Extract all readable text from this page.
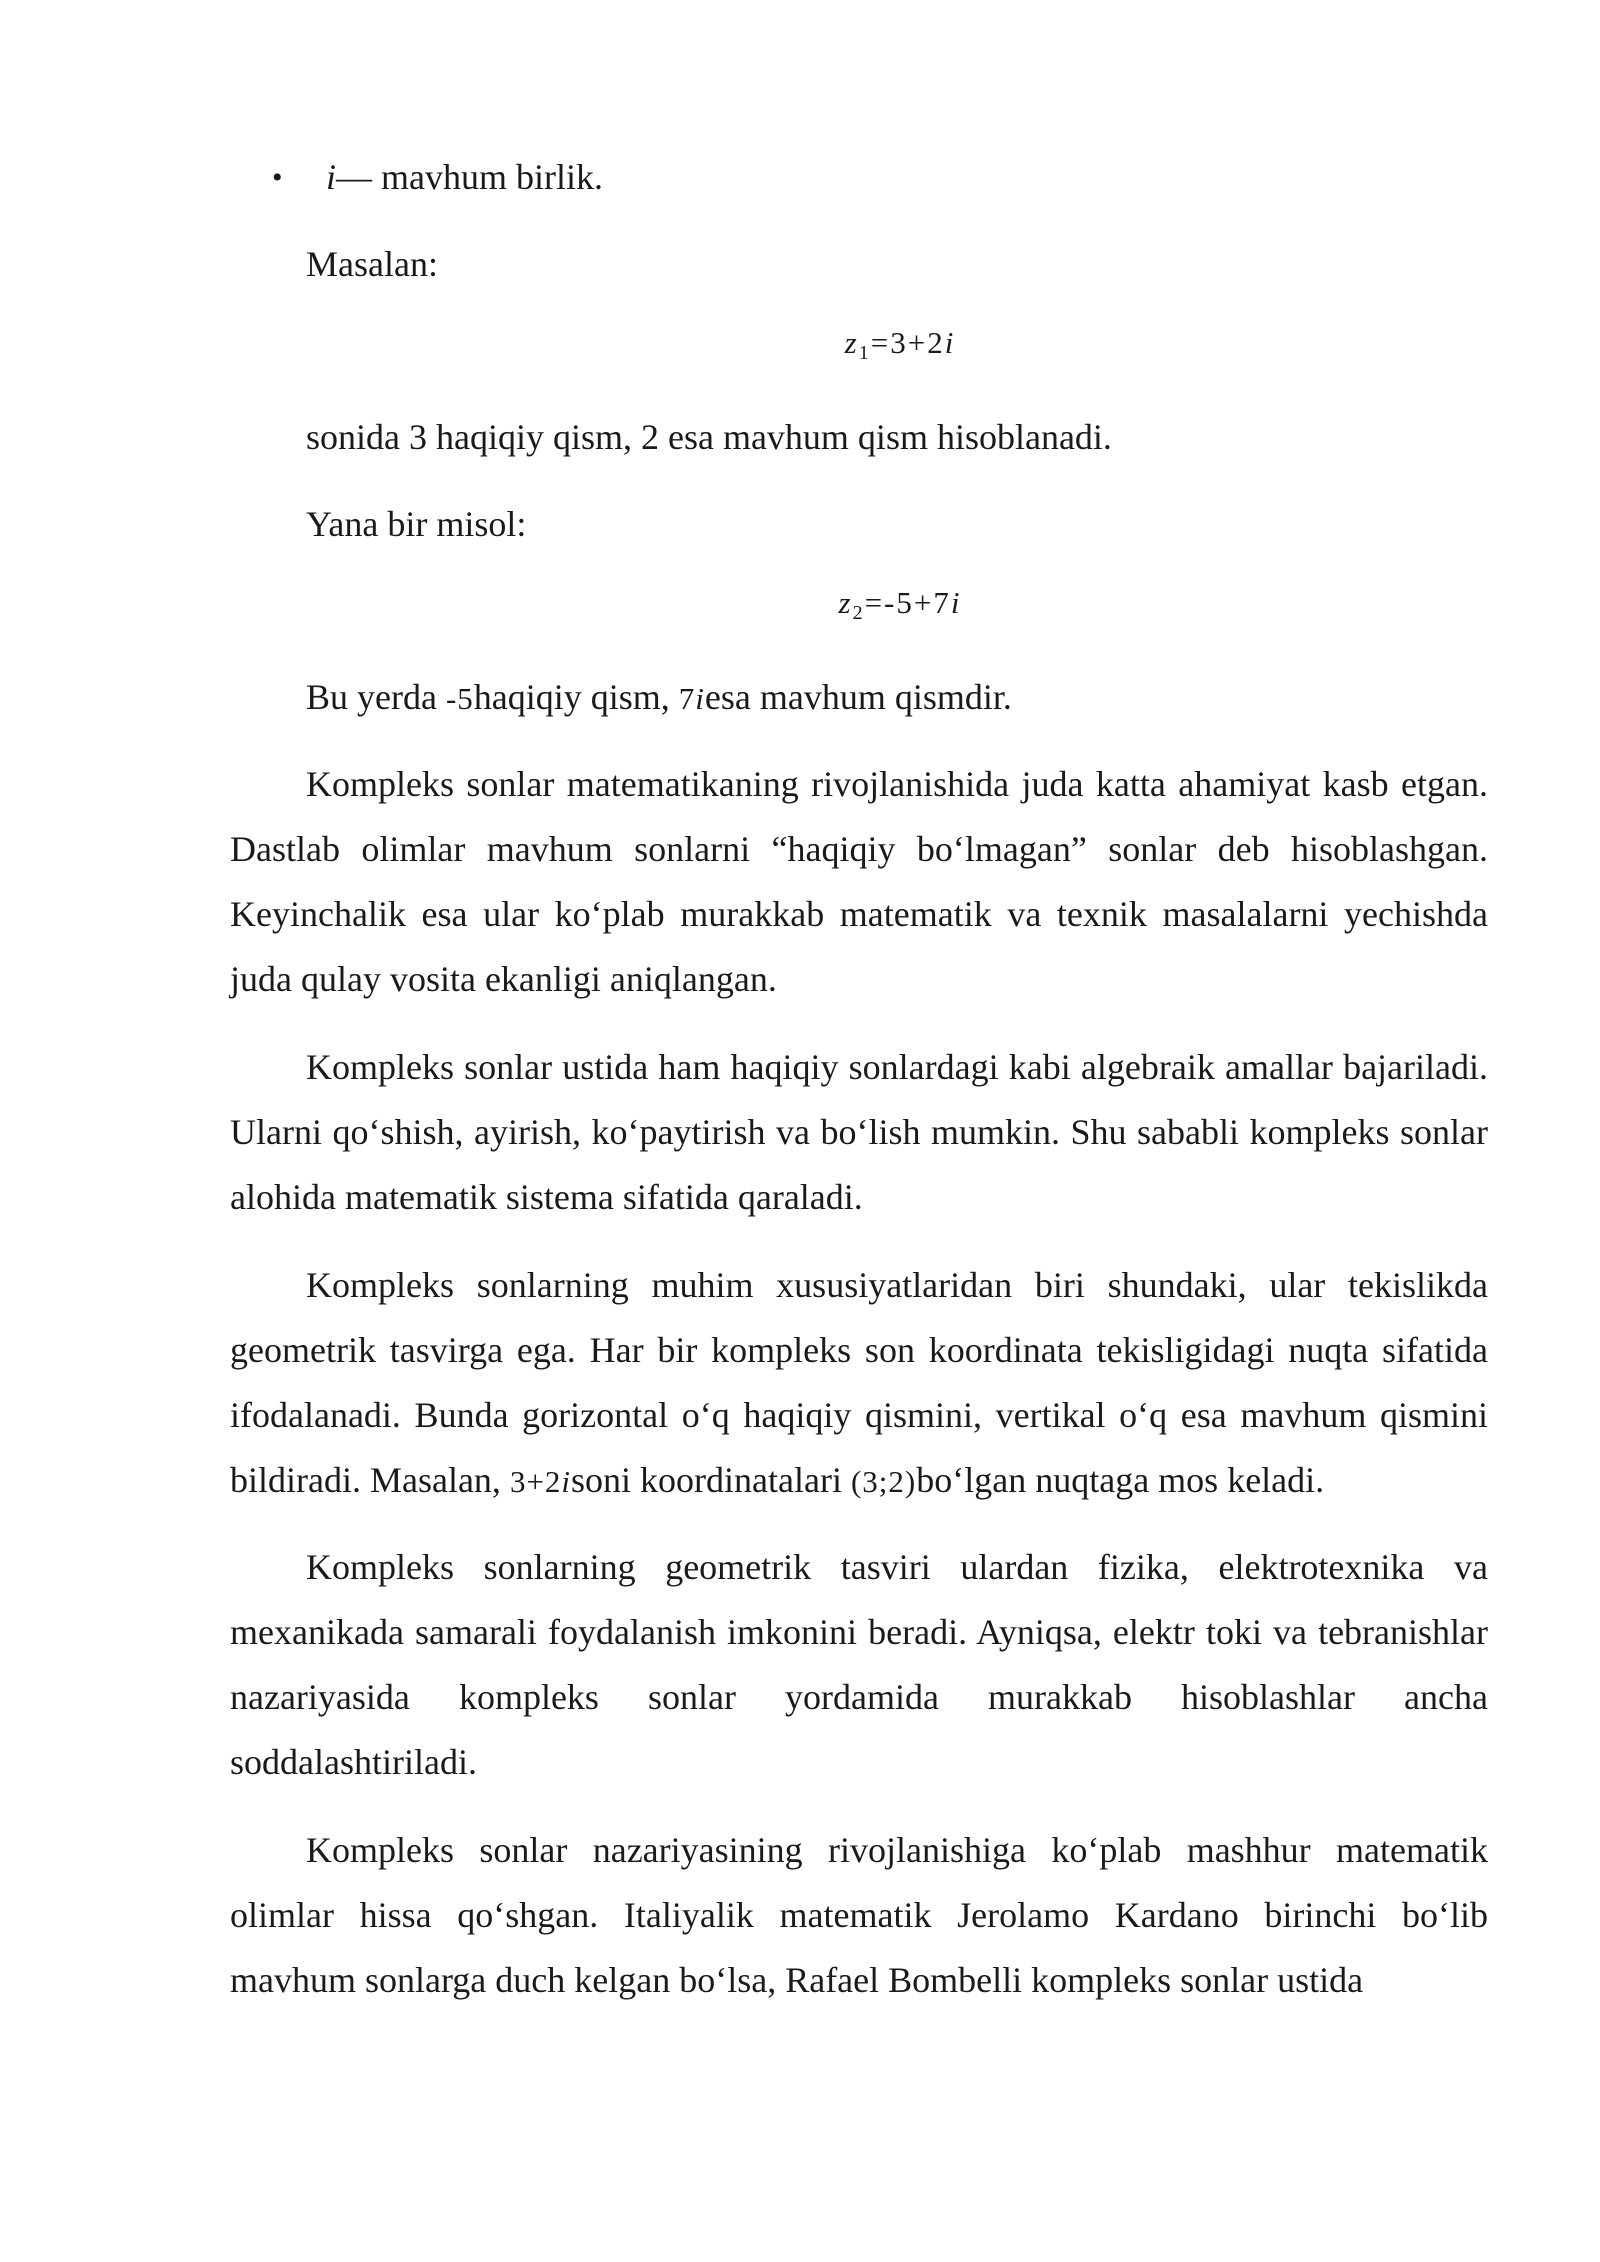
• i— mavhum birlik.
Masalan:
$z_1=3+2i$
sonida 3 haqiqiy qism, 2 esa mavhum qism hisoblanadi.
Yana bir misol:
$z_2=-5+7i$
Bu yerda -5haqiqiy qism, 7iesa mavhum qismdir.

Kompleks sonlar matematikaning rivojlanishida juda katta ahamiyat kasb etgan. Dastlab olimlar mavhum sonlarni “haqiqiy bo‘lmagan” sonlar deb hisoblashgan. Keyinchalik esa ular ko‘plab murakkab matematik va texnik masalalarni yechishda juda qulay vosita ekanligi aniqlangan.

Kompleks sonlar ustida ham haqiqiy sonlardagi kabi algebraik amallar bajariladi. Ularni qo‘shish, ayirish, ko‘paytirish va bo‘lish mumkin. Shu sababli kompleks sonlar alohida matematik sistema sifatida qaraladi.

Kompleks sonlarning muhim xususiyatlaridan biri shundaki, ular tekislikda geometrik tasvirga ega. Har bir kompleks son koordinata tekisligidagi nuqta sifatida ifodalanadi. Bunda gorizontal o‘q haqiqiy qismini, vertikal o‘q esa mavhum qismini bildiradi. Masalan, 3+2isoni koordinatalari (3;2)bo‘lgan nuqtaga mos keladi.

Kompleks sonlarning geometrik tasviri ulardan fizika, elektrotexnika va mexanikada samarali foydalanish imkonini beradi. Ayniqsa, elektr toki va tebranishlar nazariyasida kompleks sonlar yordamida murakkab hisoblashlar ancha soddalashtiriladi.

Kompleks sonlar nazariyasining rivojlanishiga ko‘plab mashhur matematik olimlar hissa qo‘shgan. Italiyalik matematik Jerolamo Kardano birinchi bo‘lib mavhum sonlarga duch kelgan bo‘lsa, Rafael Bombelli kompleks sonlar ustida
